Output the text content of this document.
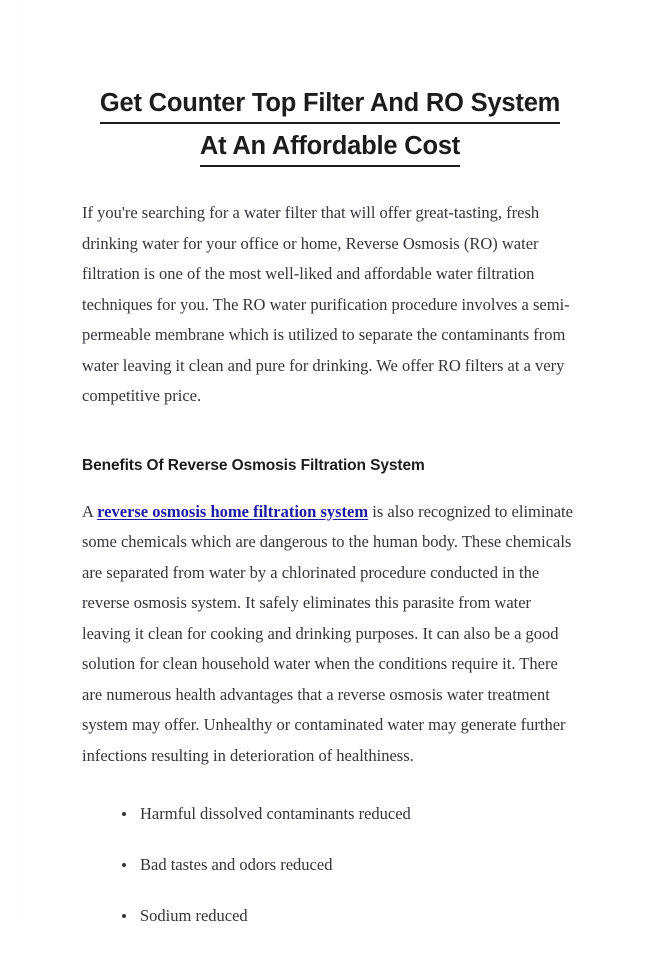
Get Counter Top Filter And RO System
At An Affordable Cost

If you're searching for a water filter that will offer great-tasting, fresh drinking water for your office or home, Reverse Osmosis (RO) water filtration is one of the most well-liked and affordable water filtration techniques for you. The RO water purification procedure involves a semi-permeable membrane which is utilized to separate the contaminants from water leaving it clean and pure for drinking. We offer RO filters at a very competitive price.

Benefits Of Reverse Osmosis Filtration System

A reverse osmosis home filtration system is also recognized to eliminate some chemicals which are dangerous to the human body. These chemicals are separated from water by a chlorinated procedure conducted in the reverse osmosis system. It safely eliminates this parasite from water leaving it clean for cooking and drinking purposes. It can also be a good solution for clean household water when the conditions require it. There are numerous health advantages that a reverse osmosis water treatment system may offer. Unhealthy or contaminated water may generate further infections resulting in deterioration of healthiness.

Harmful dissolved contaminants reduced
Bad tastes and odors reduced
Sodium reduced
